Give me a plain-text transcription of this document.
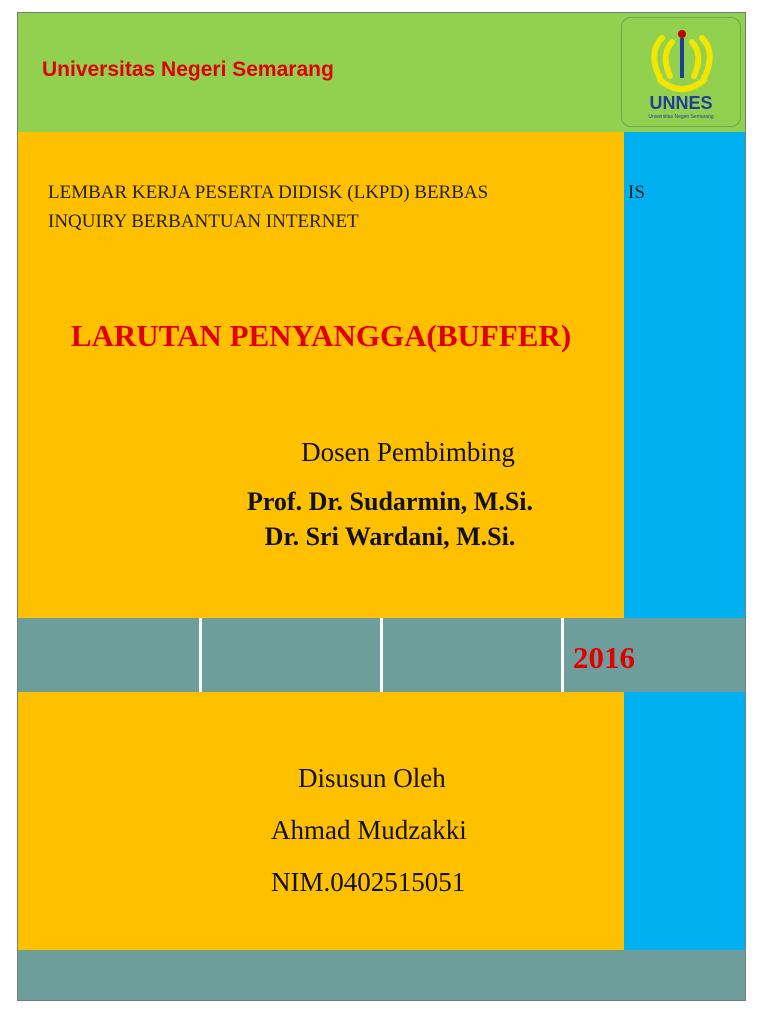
Universitas Negeri Semarang
UNNES
Universitas Negeri Semarang
LEMBAR KERJA PESERTA DIDISK (LKPD) BERBAS	IS
INQUIRY BERBANTUAN INTERNET
LARUTAN PENYANGGA(BUFFER)
Dosen Pembimbing
Prof. Dr. Sudarmin, M.Si.
Dr. Sri Wardani, M.Si.
2016
Disusun Oleh
Ahmad Mudzakki
NIM.0402515051
